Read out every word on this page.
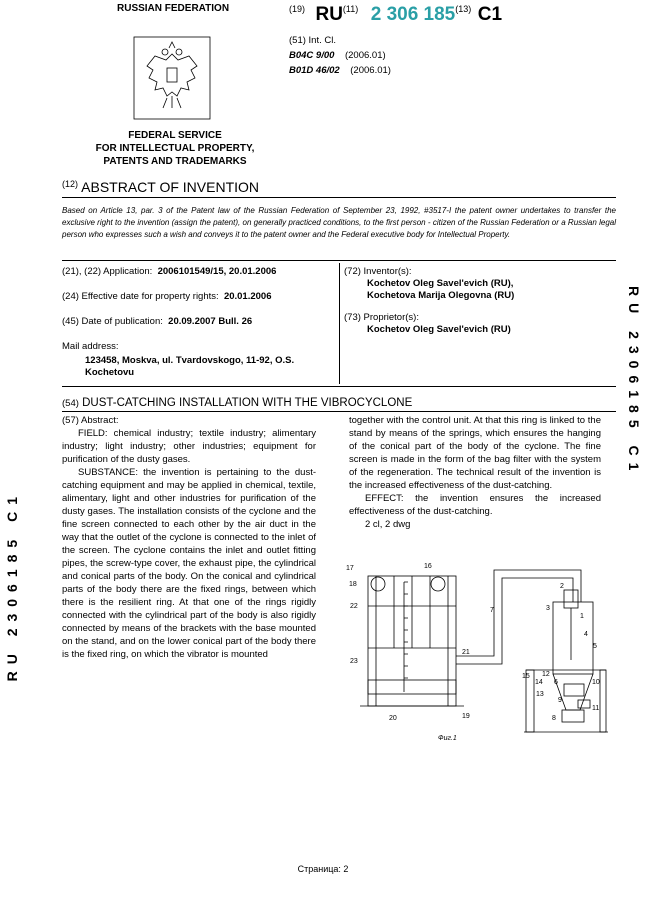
RUSSIAN FEDERATION
FEDERAL SERVICE
FOR INTELLECTUAL PROPERTY,
PATENTS AND TRADEMARKS
$^{(19)}$ RU$^{(11)}$ 2 306 185$^{(13)}$ C1
(51) Int. Cl.
B04C 9/00 (2006.01)
B01D 46/02 (2006.01)
$^{(12)}$ ABSTRACT OF INVENTION
Based on Article 13, par. 3 of the Patent law of the Russian Federation of September 23, 1992, #3517-I the patent owner undertakes to transfer the exclusive right to the invention (assign the patent), on generally practiced conditions, to the first person - citizen of the Russian Federation or a Russian legal person who expresses such a wish and conveys it to the patent owner and the Federal executive body for Intellectual Property.
(21), (22) Application: 2006101549/15, 20.01.2006
(24) Effective date for property rights: 20.01.2006
(45) Date of publication: 20.09.2007 Bull. 26
Mail address:
123458, Moskva, ul. Tvardovskogo, 11-92, O.S. Kochetovu
(72) Inventor(s):
Kochetov Oleg Savel'evich (RU),
Kochetova Marija Olegovna (RU)
(73) Proprietor(s):
Kochetov Oleg Savel'evich (RU)
(54) DUST-CATCHING INSTALLATION WITH THE VIBROCYCLONE

(57) Abstract:

FIELD: chemical industry; textile industry; alimentary industry; light industry; other industries; equipment for purification of the dusty gases.

SUBSTANCE: the invention is pertaining to the dust-catching equipment and may be applied in chemical, textile, alimentary, light and other industries for purification of the dusty gases. The installation consists of the cyclone and the fine screen connected to each other by the air duct in the way that the outlet of the cyclone is connected to the inlet of the screen. The cyclone contains the inlet and outlet fitting pipes, the screw-type cover, the exhaust pipe, the cylindrical and conical parts of the body. On the conical and cylindrical parts of the body there are the fixed rings, between which there is the resilient ring. At that one of the rings rigidly connected with the cylindrical part of the body is also rigidly connected by means of the brackets with the base mounted on the stand, and on the lower conical part of the body there is the fixed ring, on which the vibrator is mounted

together with the control unit. At that this ring is linked to the stand by means of the springs, which ensures the hanging of the conical part of the body of the cyclone. The fine screen is made in the form of the bag filter with the system of the regeneration. The technical result of the invention is the increased effectiveness of the dust-catching.

EFFECT: the invention ensures the increased effectiveness of the dust-catching.

2 cl, 2 dwg

17
18
16
22
23
21
7
20	19
2
3
1
4
5
12
14
15
13
6
9
10
8
11
Фиг.1
RU 2306185 C1
RU 2306185 C1
Страница: 2
